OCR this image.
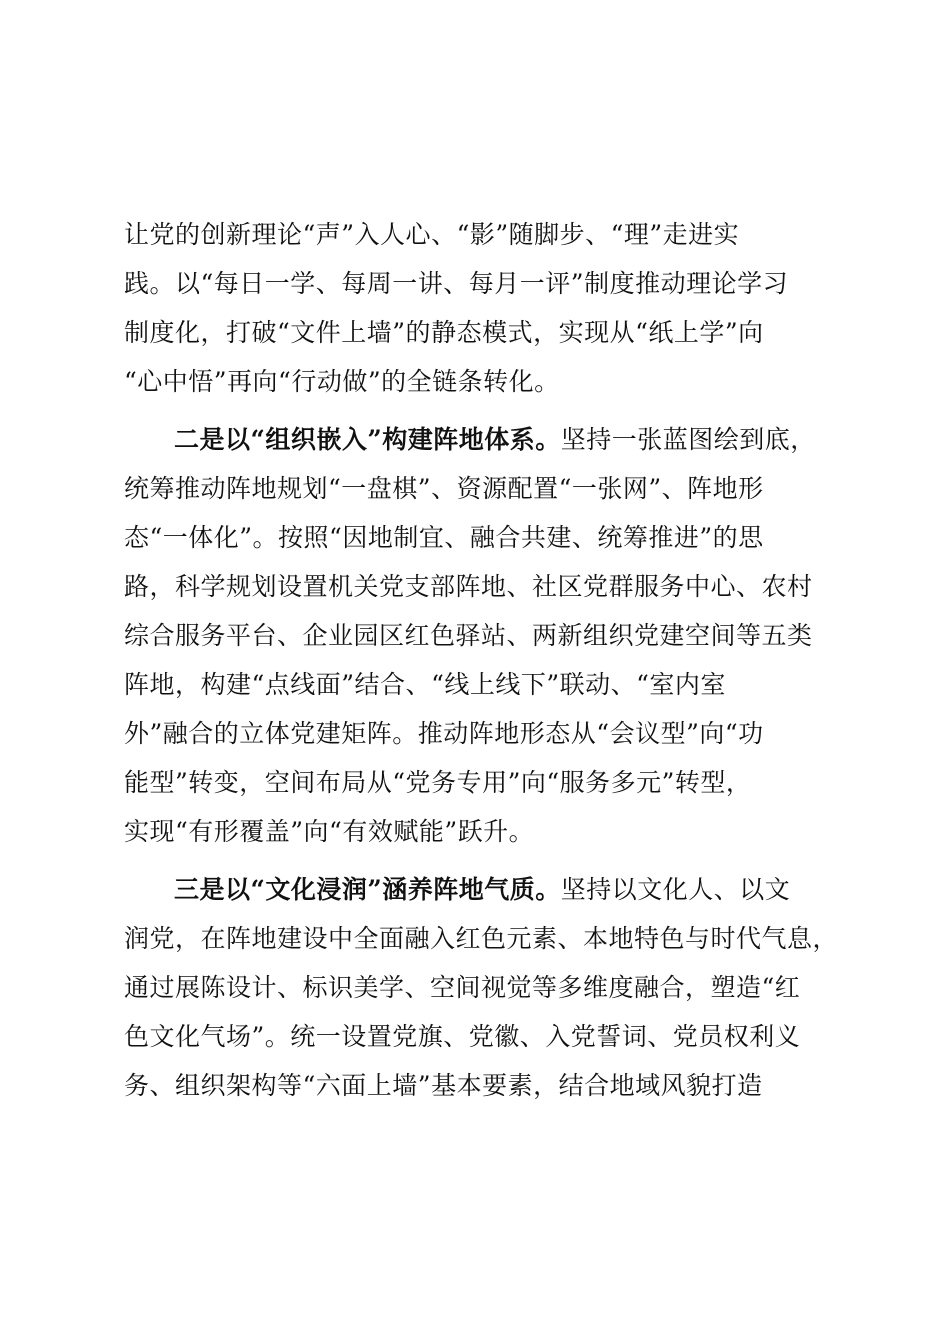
让党的创新理论“声”入人心、“影”随脚步、“理”走进实
践。以“每日一学、每周一讲、每月一评”制度推动理论学习
制度化，打破“文件上墙”的静态模式，实现从“纸上学”向
“心中悟”再向“行动做”的全链条转化。
二是以“组织嵌入”构建阵地体系。坚持一张蓝图绘到底，
统筹推动阵地规划“一盘棋”、资源配置“一张网”、阵地形
态“一体化”。按照“因地制宜、融合共建、统筹推进”的思
路，科学规划设置机关党支部阵地、社区党群服务中心、农村
综合服务平台、企业园区红色驿站、两新组织党建空间等五类
阵地，构建“点线面”结合、“线上线下”联动、“室内室
外”融合的立体党建矩阵。推动阵地形态从“会议型”向“功
能型”转变，空间布局从“党务专用”向“服务多元”转型，
实现“有形覆盖”向“有效赋能”跃升。
三是以“文化浸润”涵养阵地气质。坚持以文化人、以文
润党，在阵地建设中全面融入红色元素、本地特色与时代气息，
通过展陈设计、标识美学、空间视觉等多维度融合，塑造“红
色文化气场”。统一设置党旗、党徽、入党誓词、党员权利义
务、组织架构等“六面上墙”基本要素，结合地域风貌打造
